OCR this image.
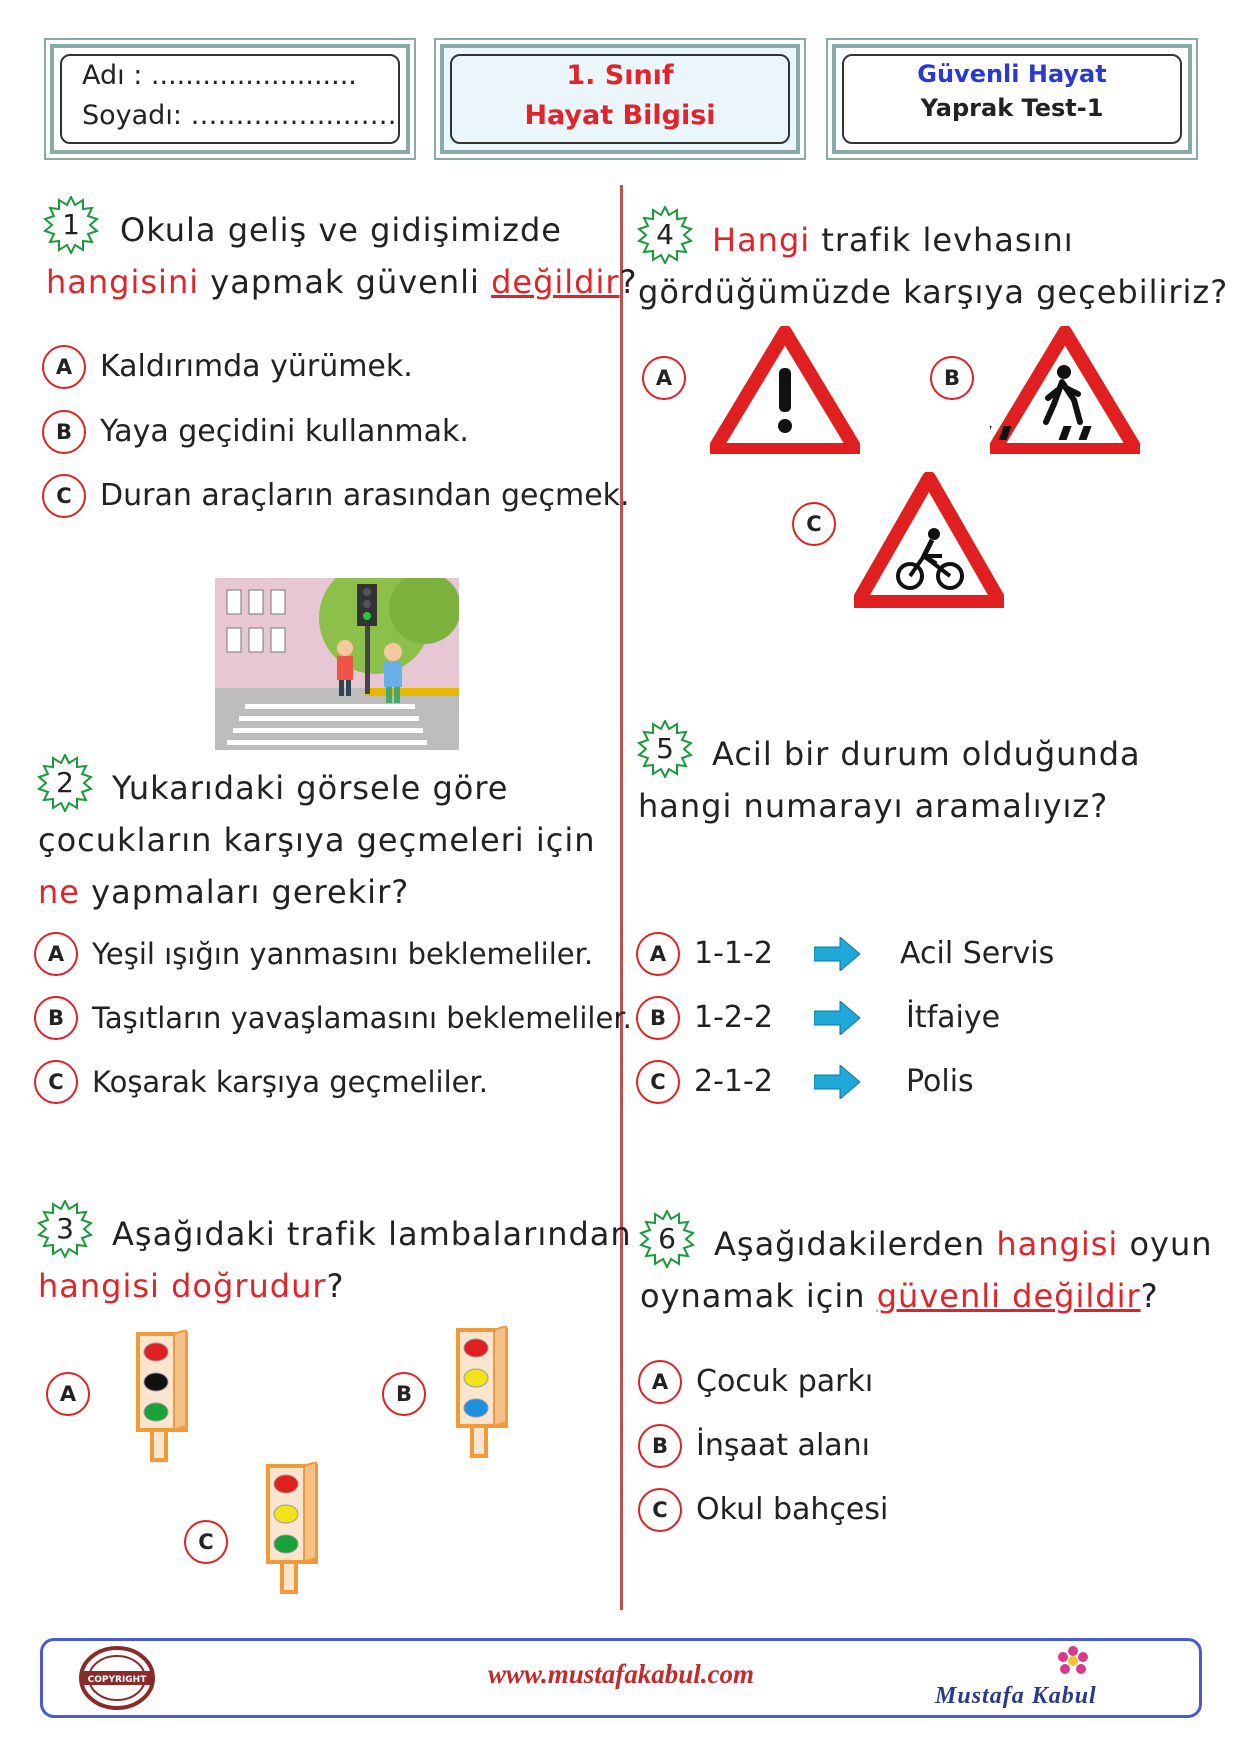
Adı : ........................
Soyadı: ……………..……
1. Sınıf
Hayat Bilgisi
Güvenli Hayat
Yaprak Test-1
1	Okula geliş ve gidişimizde
hangisini yapmak güvenli değildir?
A Kaldırımda yürümek.
B Yaya geçidini kullanmak.
C Duran araçların arasından geçmek.
2	Yukarıdaki görsele göre
çocukların karşıya geçmeleri için
ne yapmaları gerekir?
A Yeşil ışığın yanmasını beklemeliler.
B Taşıtların yavaşlamasını beklemeliler.
C Koşarak karşıya geçmeliler.
3	Aşağıdaki trafik lambalarından
hangisi doğrudur?
A	B
C
4	Hangi trafik levhasını
gördüğümüzde karşıya geçebiliriz?
A	B
C
5	Acil bir durum olduğunda
hangi numarayı aramalıyız?
A 1-1-2	Acil Servis
B 1-2-2	İtfaiye
C 2-1-2	Polis
6	Aşağıdakilerden hangisi oyun
oynamak için güvenli değildir?
A Çocuk parkı
B İnşaat alanı
C Okul bahçesi
COPYRIGHT	www.mustafakabul.com
Mustafa Kabul
